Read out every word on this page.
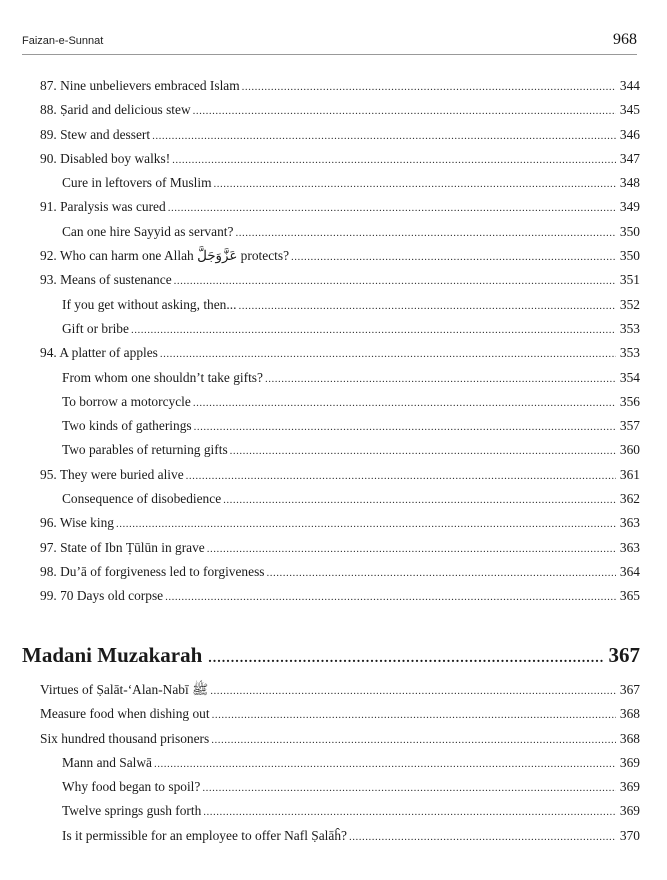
Faizan-e-Sunnat	968
87. Nine unbelievers embraced Islam .....	344
88. Ṣarid and delicious stew .....	345
89. Stew and dessert .....	346
90. Disabled boy walks! .....	347
Cure in leftovers of Muslim .....	348
91. Paralysis was cured .....	349
Can one hire Sayyid as servant? .....	350
92. Who can harm one Allah عَزَّوَجَلَّ protects? .....	350
93. Means of sustenance .....	351
If you get without asking, then... .....	352
Gift or bribe .....	353
94. A platter of apples .....	353
From whom one shouldn’t take gifts? .....	354
To borrow a motorcycle .....	356
Two kinds of gatherings .....	357
Two parables of returning gifts .....	360
95. They were buried alive .....	361
Consequence of disobedience .....	362
96. Wise king .....	363
97. State of Ibn Ṭūlūn in grave .....	363
98. Du’ā of forgiveness led to forgiveness .....	364
99. 70 Days old corpse .....	365
Madani Muzakarah .....	367
Virtues of Ṣalāt-‘Alan-Nabī ﷺ .....	367
Measure food when dishing out .....	368
Six hundred thousand prisoners .....	368
Mann and Salwā .....	369
Why food began to spoil? .....	369
Twelve springs gush forth .....	369
Is it permissible for an employee to offer Nafl Ṣalāĥ? .....	370
